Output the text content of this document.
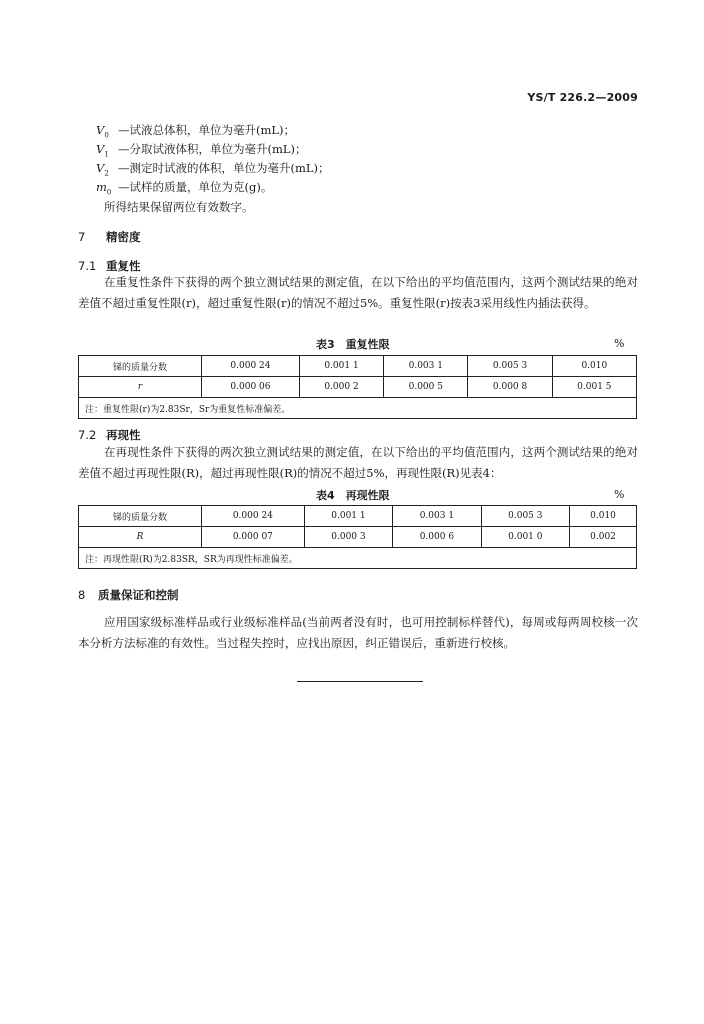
YS/T 226.2—2009
$V_0$ —试液总体积，单位为毫升(mL)；
$V_1$ —分取试液体积，单位为毫升(mL)；
$V_2$ —测定时试液的体积，单位为毫升(mL)；
$m_0$ —试样的质量，单位为克(g)。
所得结果保留两位有效数字。
7 精密度
7.1 重复性
在重复性条件下获得的两个独立测试结果的测定值，在以下给出的平均值范围内，这两个测试结果的绝对差值不超过重复性限(r)，超过重复性限(r)的情况不超过5%。重复性限(r)按表3采用线性内插法获得。
表3　重复性限	%
锑的质量分数	0.000 24	0.001 1	0.003 1	0.005 3	0.010
r	0.000 06	0.000 2	0.000 5	0.000 8	0.001 5
注：重复性限(r)为2.83Sr，Sr为重复性标准偏差。					
7.2 再现性
在再现性条件下获得的两次独立测试结果的测定值，在以下给出的平均值范围内，这两个测试结果的绝对差值不超过再现性限(R)，超过再现性限(R)的情况不超过5%，再现性限(R)见表4：
表4　再现性限	%
锑的质量分数	0.000 24	0.001 1	0.003 1	0.005 3	0.010
R	0.000 07	0.000 3	0.000 6	0.001 0	0.002
注：再现性限(R)为2.83SR，SR为再现性标准偏差。					
8 质量保证和控制
应用国家级标准样品或行业级标准样品(当前两者没有时，也可用控制标样替代)，每周或每两周校核一次本分析方法标准的有效性。当过程失控时，应找出原因，纠正错误后，重新进行校核。
